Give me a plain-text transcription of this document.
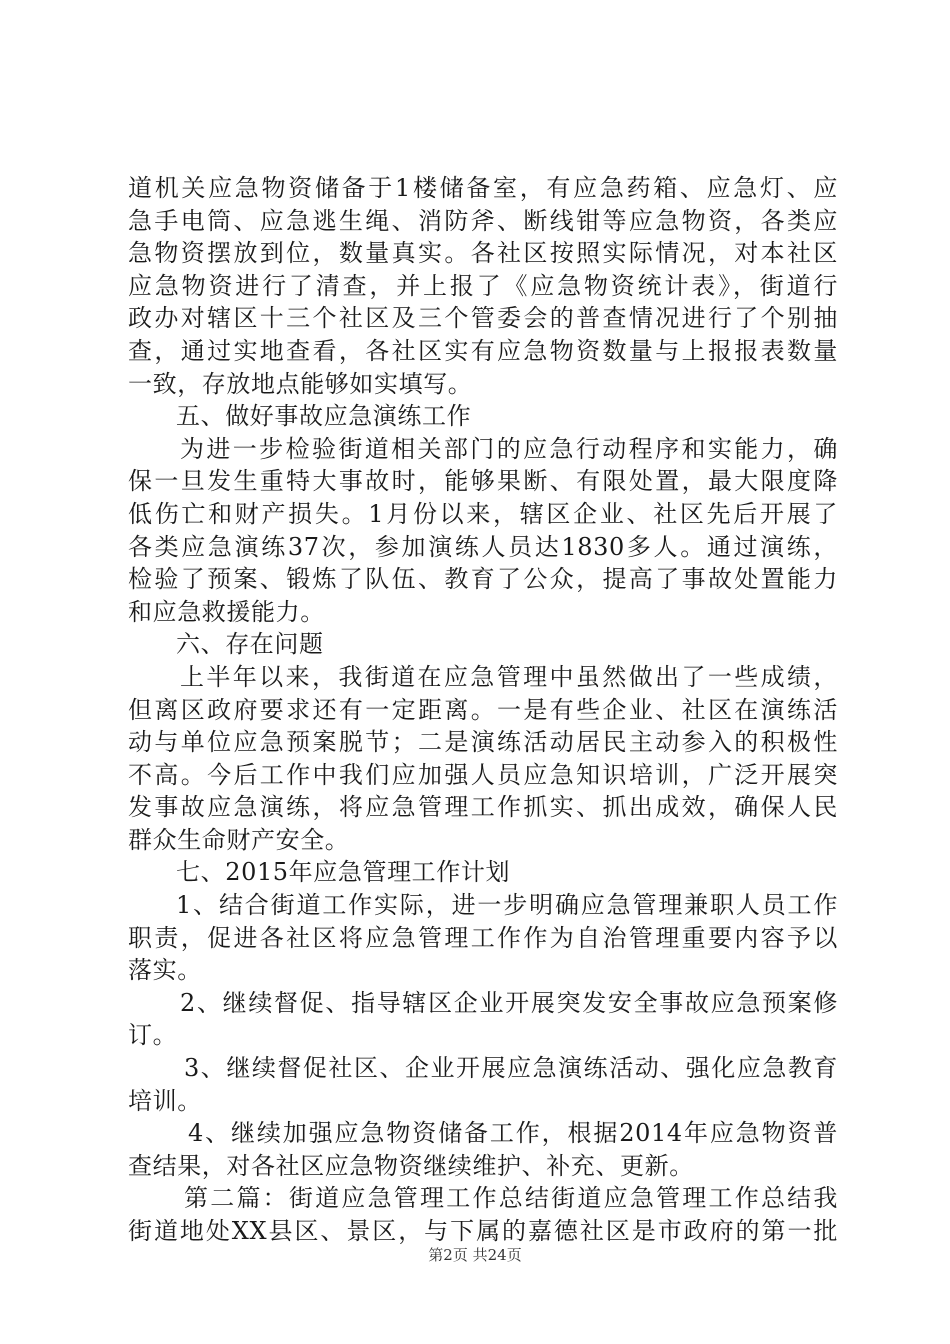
道机关应急物资储备于1楼储备室，有应急药箱、应急灯、应
急手电筒、应急逃生绳、消防斧、断线钳等应急物资，各类应
急物资摆放到位，数量真实。各社区按照实际情况，对本社区
应急物资进行了清查，并上报了《应急物资统计表》，街道行
政办对辖区十三个社区及三个管委会的普查情况进行了个别抽
查，通过实地查看，各社区实有应急物资数量与上报报表数量
一致，存放地点能够如实填写。
五、做好事故应急演练工作
为进一步检验街道相关部门的应急行动程序和实能力，确
保一旦发生重特大事故时，能够果断、有限处置，最大限度降
低伤亡和财产损失。1月份以来，辖区企业、社区先后开展了
各类应急演练37次，参加演练人员达1830多人。通过演练，
检验了预案、锻炼了队伍、教育了公众，提高了事故处置能力
和应急救援能力。
六、存在问题
上半年以来，我街道在应急管理中虽然做出了一些成绩，
但离区政府要求还有一定距离。一是有些企业、社区在演练活
动与单位应急预案脱节；二是演练活动居民主动参入的积极性
不高。今后工作中我们应加强人员应急知识培训，广泛开展突
发事故应急演练，将应急管理工作抓实、抓出成效，确保人民
群众生命财产安全。
七、2015年应急管理工作计划
1、结合街道工作实际，进一步明确应急管理兼职人员工作
职责，促进各社区将应急管理工作作为自治管理重要内容予以
落实。
2、继续督促、指导辖区企业开展突发安全事故应急预案修
订。
3、继续督促社区、企业开展应急演练活动、强化应急教育
培训。
4、继续加强应急物资储备工作，根据2014年应急物资普
查结果，对各社区应急物资继续维护、补充、更新。
第二篇：街道应急管理工作总结街道应急管理工作总结我
街道地处XX县区、景区，与下属的嘉德社区是市政府的第一批
第2页 共24页
